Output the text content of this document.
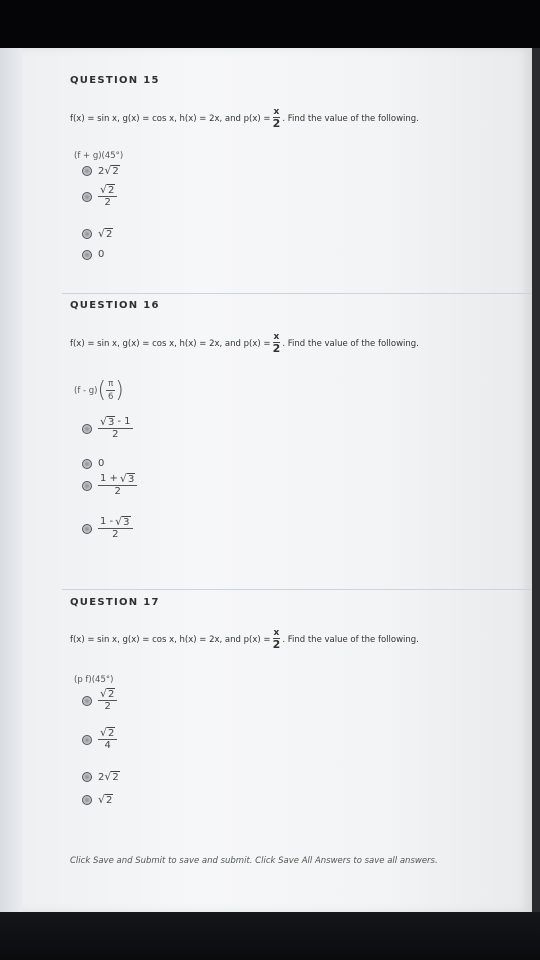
QUESTION 15
f(x) = sin x, g(x) = cos x, h(x) = 2x, and $p(x) = \frac{x}{2}$ . Find the value of the following.
(f + g)(45°)
2 √ 2
√ 2
2
√ 2
0
QUESTION 16
f(x) = sin x, g(x) = cos x, h(x) = 2x, and $p(x) = \frac{x}{2}$ . Find the value of the following.
(f - g) ( π
6 )
√ 3 - 1
2
0
1 + √ 3
2
1 - √ 3
2
QUESTION 17
f(x) = sin x, g(x) = cos x, h(x) = 2x, and $p(x) = \frac{x}{2}$ . Find the value of the following.
(p f)(45°)
√ 2
2
√ 2
4
2 √ 2
√ 2
Click Save and Submit to save and submit. Click Save All Answers to save all answers.
